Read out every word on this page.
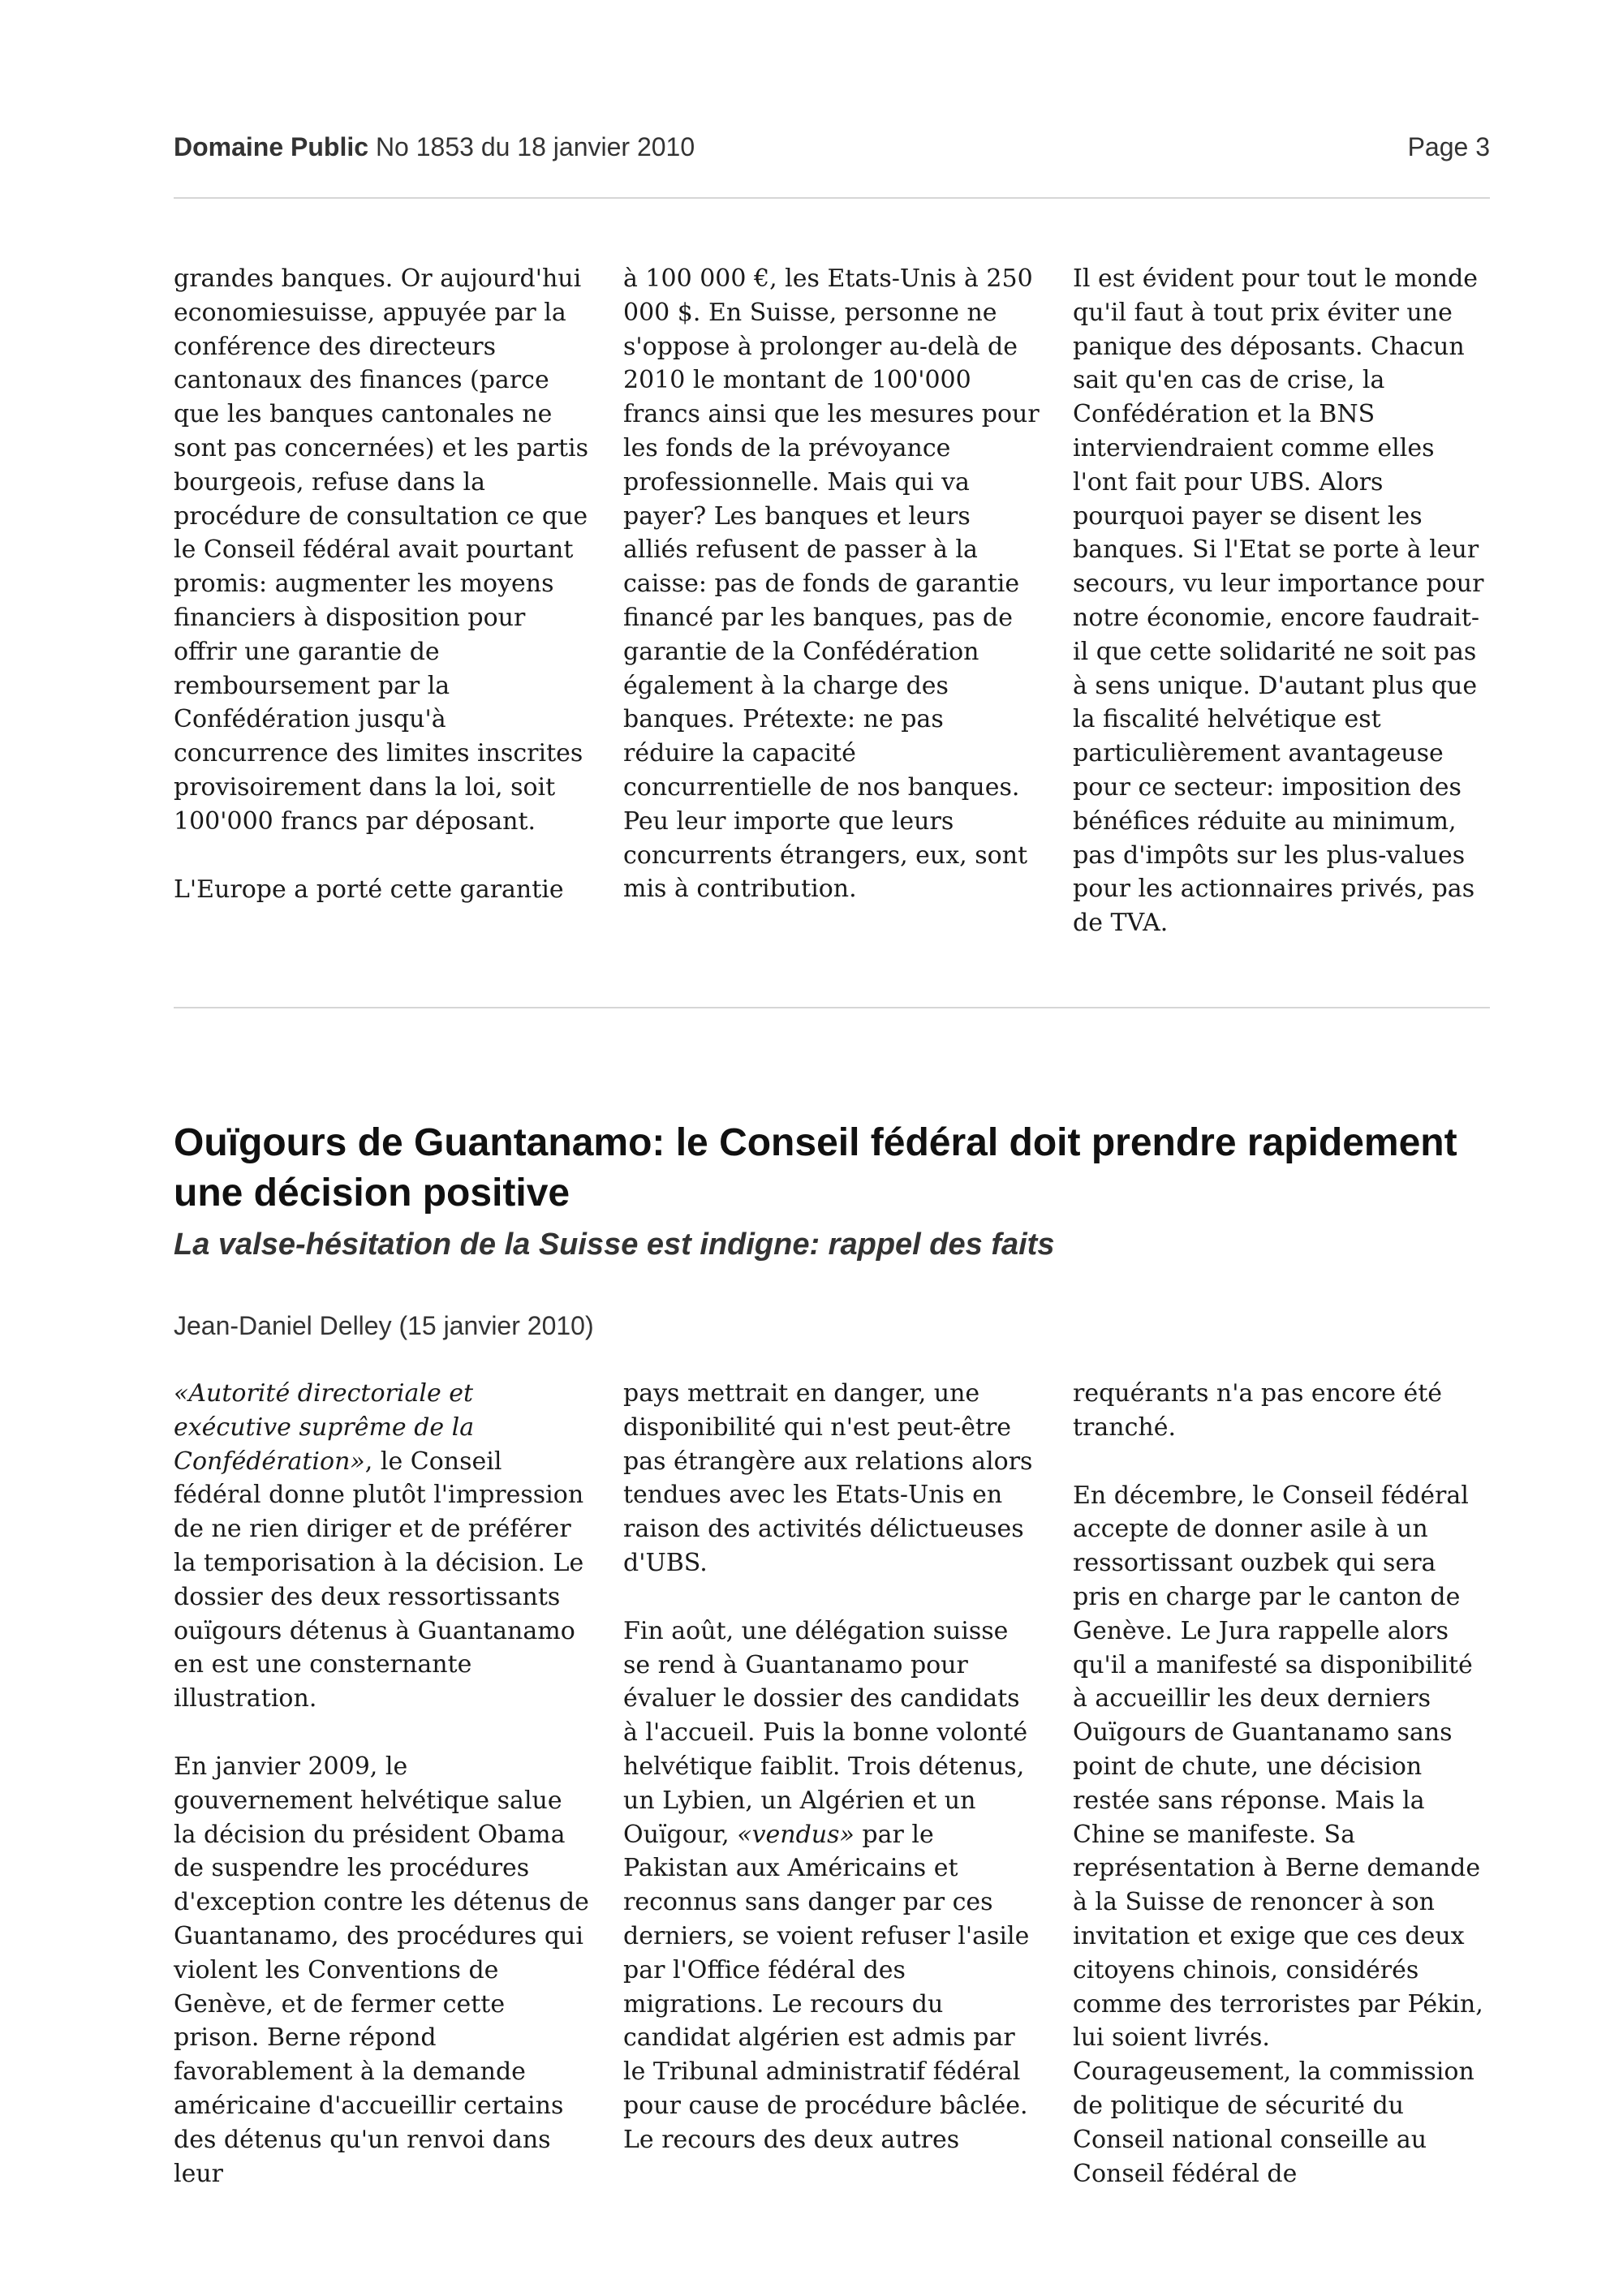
Domaine Public No 1853 du 18 janvier 2010	Page 3

grandes banques. Or aujourd'hui economiesuisse, appuyée par la conférence des directeurs cantonaux des finances (parce que les banques cantonales ne sont pas concernées) et les partis bourgeois, refuse dans la procédure de consultation ce que le Conseil fédéral avait pourtant promis: augmenter les moyens financiers à disposition pour offrir une garantie de remboursement par la Confédération jusqu'à concurrence des limites inscrites provisoirement dans la loi, soit 100'000 francs par déposant.

L'Europe a porté cette garantie

à 100 000 €, les Etats-Unis à 250 000 $. En Suisse, personne ne s'oppose à prolonger au-delà de 2010 le montant de 100'000 francs ainsi que les mesures pour les fonds de la prévoyance professionnelle. Mais qui va payer? Les banques et leurs alliés refusent de passer à la caisse: pas de fonds de garantie financé par les banques, pas de garantie de la Confédération également à la charge des banques. Prétexte: ne pas réduire la capacité concurrentielle de nos banques. Peu leur importe que leurs concurrents étrangers, eux, sont mis à contribution.

Il est évident pour tout le monde qu'il faut à tout prix éviter une panique des déposants. Chacun sait qu'en cas de crise, la Confédération et la BNS interviendraient comme elles l'ont fait pour UBS. Alors pourquoi payer se disent les banques. Si l'Etat se porte à leur secours, vu leur importance pour notre économie, encore faudrait-il que cette solidarité ne soit pas à sens unique. D'autant plus que la fiscalité helvétique est particulièrement avantageuse pour ce secteur: imposition des bénéfices réduite au minimum, pas d'impôts sur les plus-values pour les actionnaires privés, pas de TVA.

Ouïgours de Guantanamo: le Conseil fédéral doit prendre rapidement une décision positive
La valse-hésitation de la Suisse est indigne: rappel des faits
Jean-Daniel Delley (15 janvier 2010)

«Autorité directoriale et exécutive suprême de la Confédération», le Conseil fédéral donne plutôt l'impression de ne rien diriger et de préférer la temporisation à la décision. Le dossier des deux ressortissants ouïgours détenus à Guantanamo en est une consternante illustration.

En janvier 2009, le gouvernement helvétique salue la décision du président Obama de suspendre les procédures d'exception contre les détenus de Guantanamo, des procédures qui violent les Conventions de Genève, et de fermer cette prison. Berne répond favorablement à la demande américaine d'accueillir certains des détenus qu'un renvoi dans leur

pays mettrait en danger, une disponibilité qui n'est peut-être pas étrangère aux relations alors tendues avec les Etats-Unis en raison des activités délictueuses d'UBS.

Fin août, une délégation suisse se rend à Guantanamo pour évaluer le dossier des candidats à l'accueil. Puis la bonne volonté helvétique faiblit. Trois détenus, un Lybien, un Algérien et un Ouïgour, «vendus» par le Pakistan aux Américains et reconnus sans danger par ces derniers, se voient refuser l'asile par l'Office fédéral des migrations. Le recours du candidat algérien est admis par le Tribunal administratif fédéral pour cause de procédure bâclée. Le recours des deux autres

requérants n'a pas encore été tranché.

En décembre, le Conseil fédéral accepte de donner asile à un ressortissant ouzbek qui sera pris en charge par le canton de Genève. Le Jura rappelle alors qu'il a manifesté sa disponibilité à accueillir les deux derniers Ouïgours de Guantanamo sans point de chute, une décision restée sans réponse. Mais la Chine se manifeste. Sa représentation à Berne demande à la Suisse de renoncer à son invitation et exige que ces deux citoyens chinois, considérés comme des terroristes par Pékin, lui soient livrés. Courageusement, la commission de politique de sécurité du Conseil national conseille au Conseil fédéral de
